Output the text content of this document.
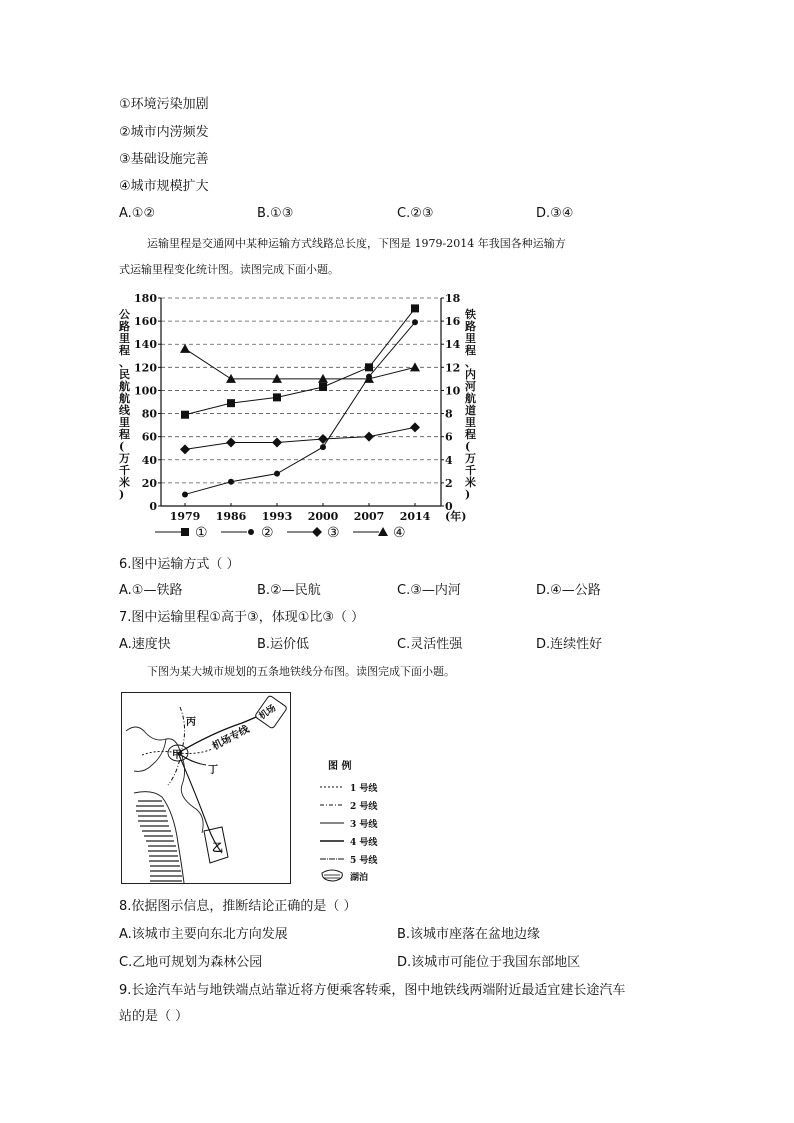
①环境污染加剧
②城市内涝频发
③基础设施完善
④城市规模扩大
A.①②	B.①③	C.②③	D.③④
运输里程是交通网中某种运输方式线路总长度，下图是 1979-2014 年我国各种运输方
式运输里程变化统计图。读图完成下面小题。
0
20
40
60
80
100
120
140
160
180
0
2
4
6
8
10
12
14
16
18
1979 1986 1993 2000 2007 2014 (年)
①	②	③	④
公路里程、民航航线里程(万千米)
铁路里程、内河航道里程(万千米)
6.图中运输方式（ ）
A.①—铁路	B.②—民航	C.③—内河	D.④—公路
7.图中运输里程①高于③，体现①比③（ ）
A.速度快	B.运价低	C.灵活性强	D.连续性好
下图为某大城市规划的五条地铁线分布图。读图完成下面小题。
丙
甲
丁
乙
机场
机场专线
图 例
1 号线
2 号线
3 号线
4 号线
5 号线
湖泊
8.依据图示信息，推断结论正确的是（ ）
A.该城市主要向东北方向发展	B.该城市座落在盆地边缘
C.乙地可规划为森林公园	D.该城市可能位于我国东部地区
9.长途汽车站与地铁端点站靠近将方便乘客转乘，图中地铁线两端附近最适宜建长途汽车
站的是（ ）
